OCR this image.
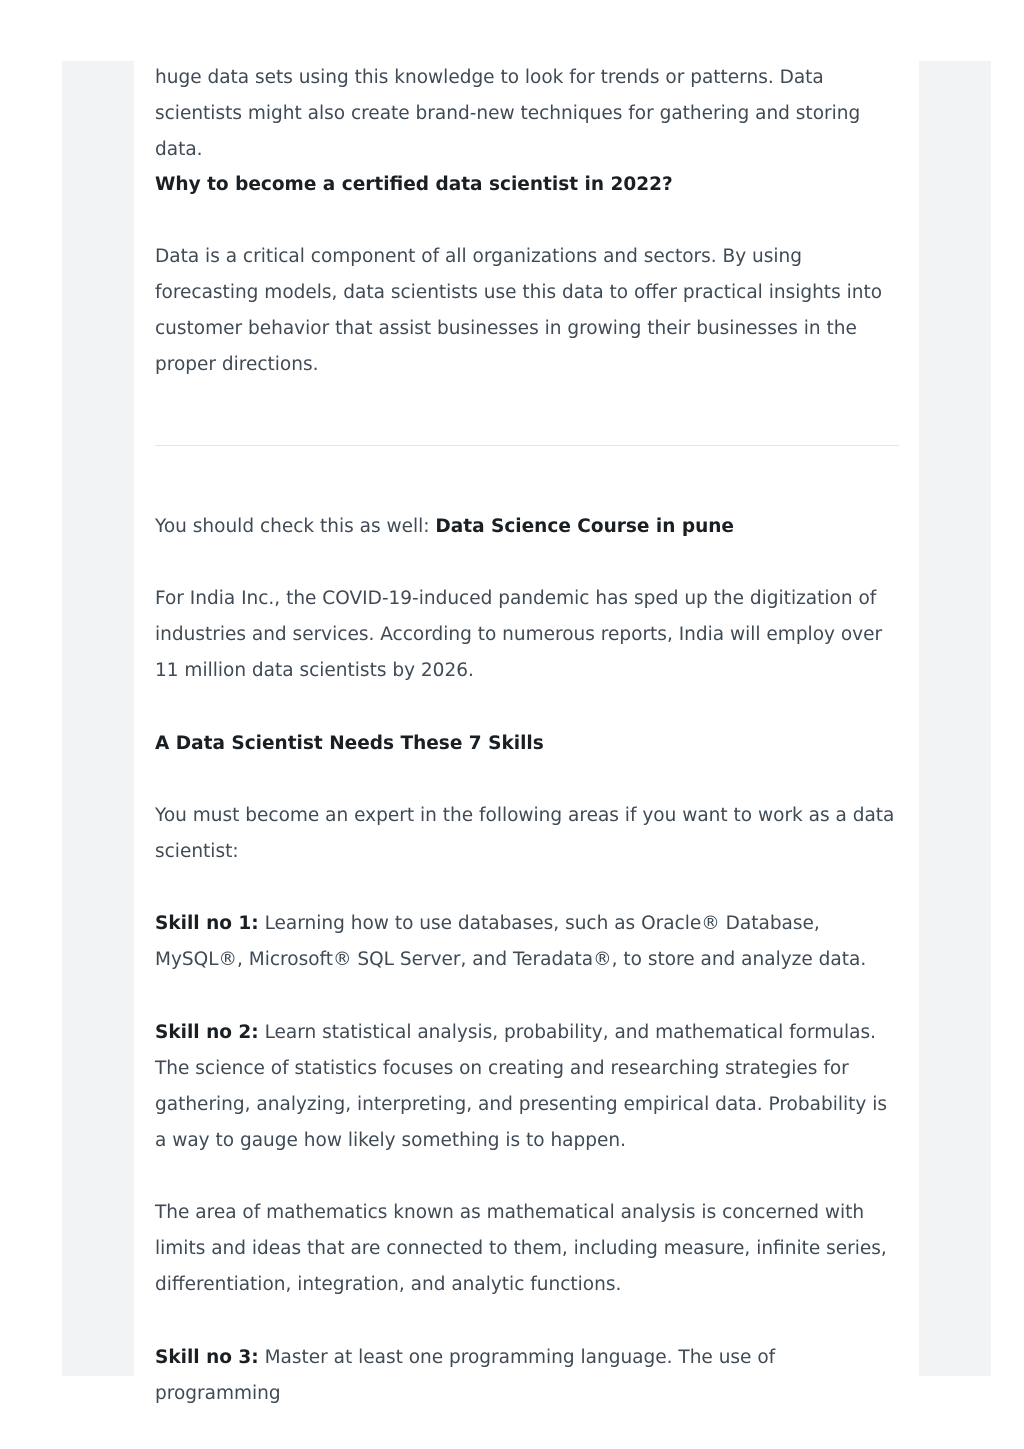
huge data sets using this knowledge to look for trends or patterns. Data scientists might also create brand-new techniques for gathering and storing data.

Why to become a certified data scientist in 2022?

Data is a critical component of all organizations and sectors. By using forecasting models, data scientists use this data to offer practical insights into customer behavior that assist businesses in growing their businesses in the proper directions.

You should check this as well: Data Science Course in pune

For India Inc., the COVID-19-induced pandemic has sped up the digitization of industries and services. According to numerous reports, India will employ over 11 million data scientists by 2026.

A Data Scientist Needs These 7 Skills

You must become an expert in the following areas if you want to work as a data scientist:

Skill no 1: Learning how to use databases, such as Oracle® Database, MySQL®, Microsoft® SQL Server, and Teradata®, to store and analyze data.

Skill no 2: Learn statistical analysis, probability, and mathematical formulas. The science of statistics focuses on creating and researching strategies for gathering, analyzing, interpreting, and presenting empirical data. Probability is a way to gauge how likely something is to happen.

The area of mathematics known as mathematical analysis is concerned with limits and ideas that are connected to them, including measure, infinite series, differentiation, integration, and analytic functions.

Skill no 3: Master at least one programming language. The use of programming
